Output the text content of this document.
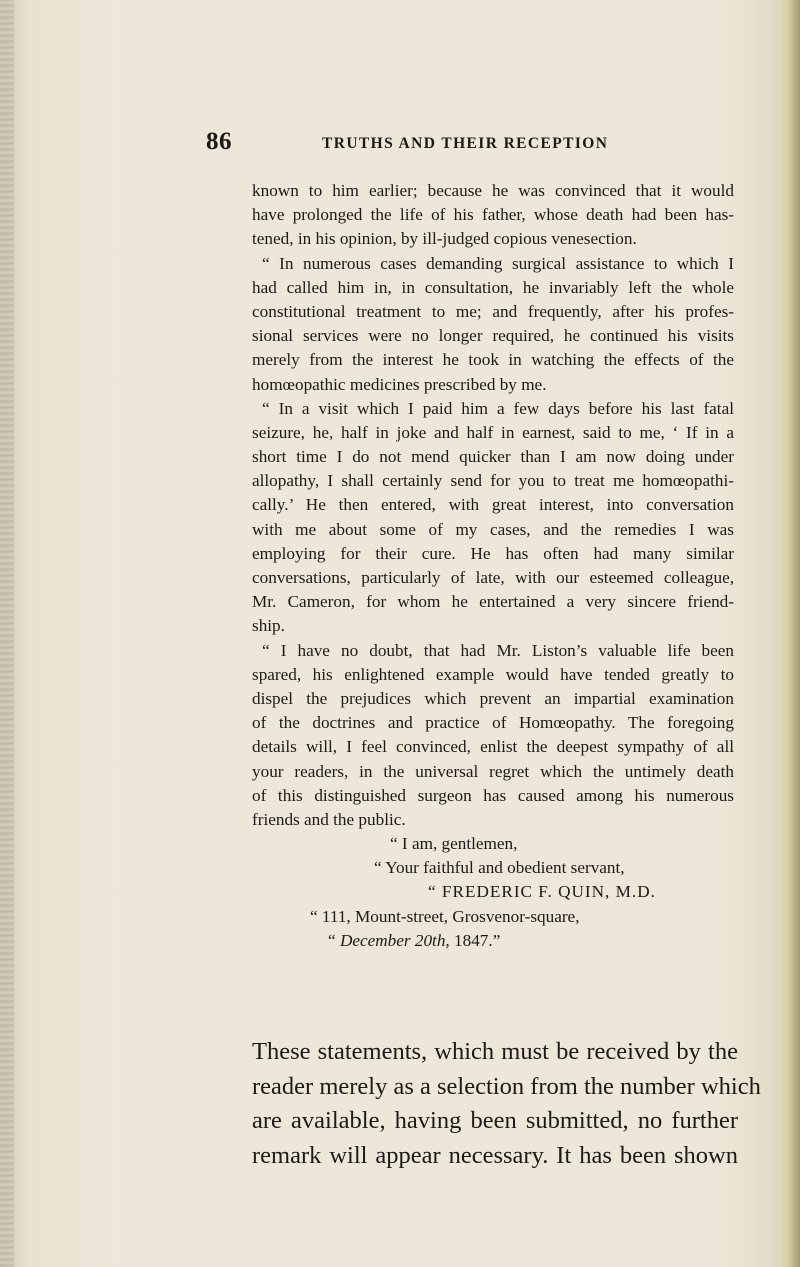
86	TRUTHS AND THEIR RECEPTION
known to him earlier; because he was convinced that it would
have prolonged the life of his father, whose death had been has-
tened, in his opinion, by ill-judged copious venesection.
“ In numerous cases demanding surgical assistance to which I
had called him in, in consultation, he invariably left the whole
constitutional treatment to me; and frequently, after his profes-
sional services were no longer required, he continued his visits
merely from the interest he took in watching the effects of the
homœopathic medicines prescribed by me.
“ In a visit which I paid him a few days before his last fatal
seizure, he, half in joke and half in earnest, said to me, ‘ If in a
short time I do not mend quicker than I am now doing under
allopathy, I shall certainly send for you to treat me homœopathi-
cally.’ He then entered, with great interest, into conversation
with me about some of my cases, and the remedies I was
employing for their cure. He has often had many similar
conversations, particularly of late, with our esteemed colleague,
Mr. Cameron, for whom he entertained a very sincere friend-
ship.
“ I have no doubt, that had Mr. Liston’s valuable life been
spared, his enlightened example would have tended greatly to
dispel the prejudices which prevent an impartial examination
of the doctrines and practice of Homœopathy. The foregoing
details will, I feel convinced, enlist the deepest sympathy of all
your readers, in the universal regret which the untimely death
of this distinguished surgeon has caused among his numerous
friends and the public.
“ I am, gentlemen,
“ Your faithful and obedient servant,
“ FREDERIC F. QUIN, M.D.
“ 111, Mount-street, Grosvenor-square,
“ December 20th, 1847.”
These statements, which must be received by the
reader merely as a selection from the number which
are available, having been submitted, no further
remark will appear necessary. It has been shown
